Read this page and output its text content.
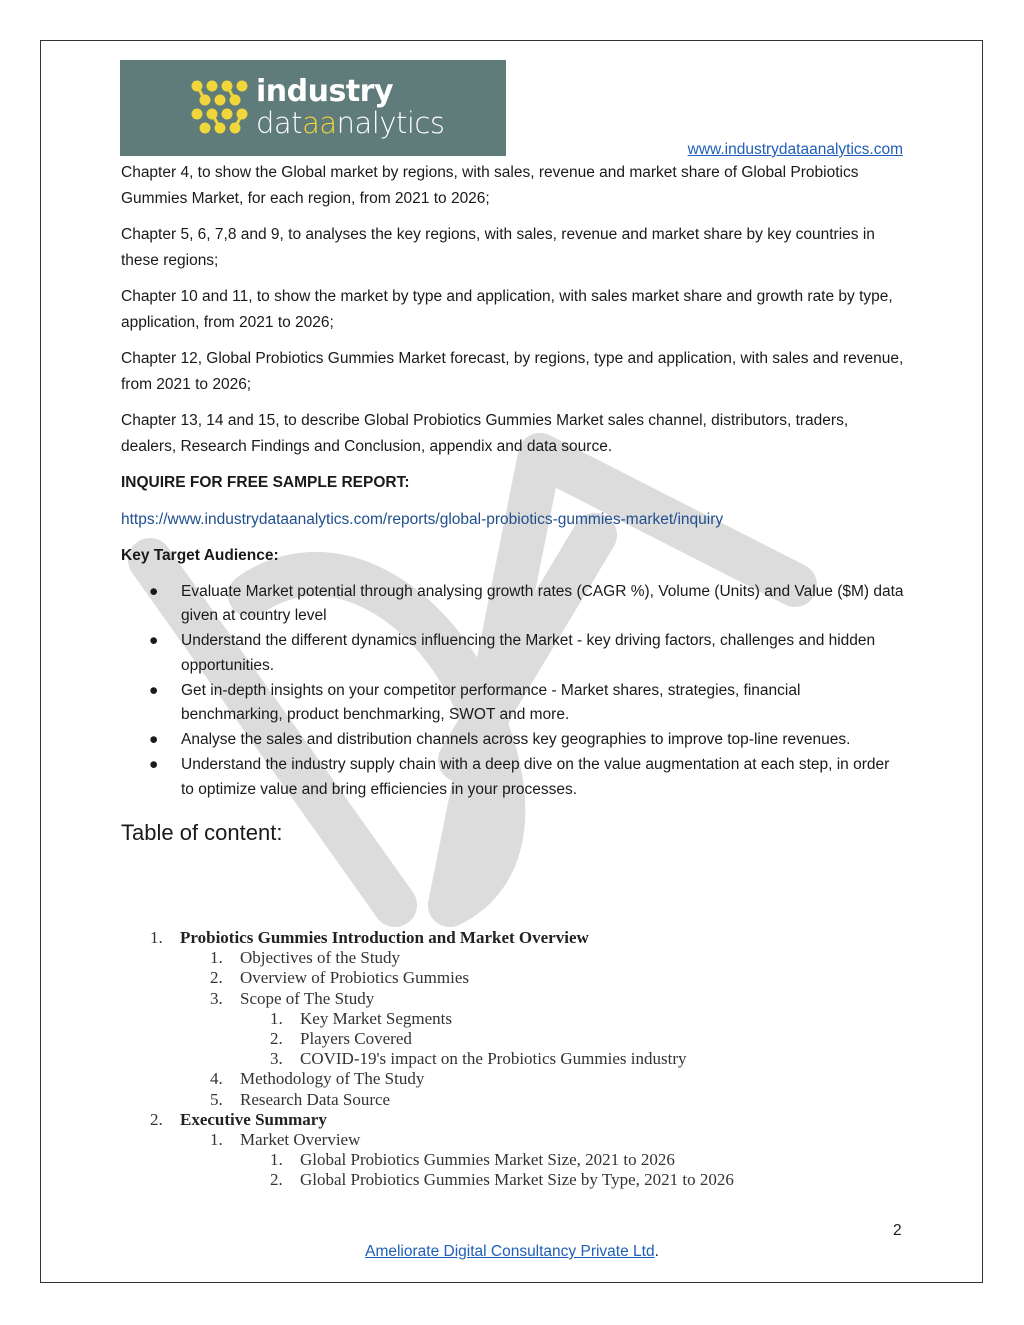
industry
dataanalytics
www.industrydataanalytics.com

Chapter 4, to show the Global market by regions, with sales, revenue and market share of Global Probiotics Gummies Market, for each region, from 2021 to 2026;

Chapter 5, 6, 7,8 and 9, to analyses the key regions, with sales, revenue and market share by key countries in these regions;

Chapter 10 and 11, to show the market by type and application, with sales market share and growth rate by type, application, from 2021 to 2026;

Chapter 12, Global Probiotics Gummies Market forecast, by regions, type and application, with sales and revenue, from 2021 to 2026;

Chapter 13, 14 and 15, to describe Global Probiotics Gummies Market sales channel, distributors, traders, dealers, Research Findings and Conclusion, appendix and data source.

INQUIRE FOR FREE SAMPLE REPORT:

https://www.industrydataanalytics.com/reports/global-probiotics-gummies-market/inquiry

Key Target Audience:

● Evaluate Market potential through analysing growth rates (CAGR %), Volume (Units) and Value ($M) data given at country level
● Understand the different dynamics influencing the Market - key driving factors, challenges and hidden opportunities.
● Get in-depth insights on your competitor performance - Market shares, strategies, financial benchmarking, product benchmarking, SWOT and more.
● Analyse the sales and distribution channels across key geographies to improve top-line revenues.
● Understand the industry supply chain with a deep dive on the value augmentation at each step, in order to optimize value and bring efficiencies in your processes.
Table of content:
1. Probiotics Gummies Introduction and Market Overview
1. Objectives of the Study
2. Overview of Probiotics Gummies
3. Scope of The Study
1. Key Market Segments
2. Players Covered
3. COVID-19's impact on the Probiotics Gummies industry
4. Methodology of The Study
5. Research Data Source
2. Executive Summary
1. Market Overview
1. Global Probiotics Gummies Market Size, 2021 to 2026
2. Global Probiotics Gummies Market Size by Type, 2021 to 2026
2
Ameliorate Digital Consultancy Private Ltd.
